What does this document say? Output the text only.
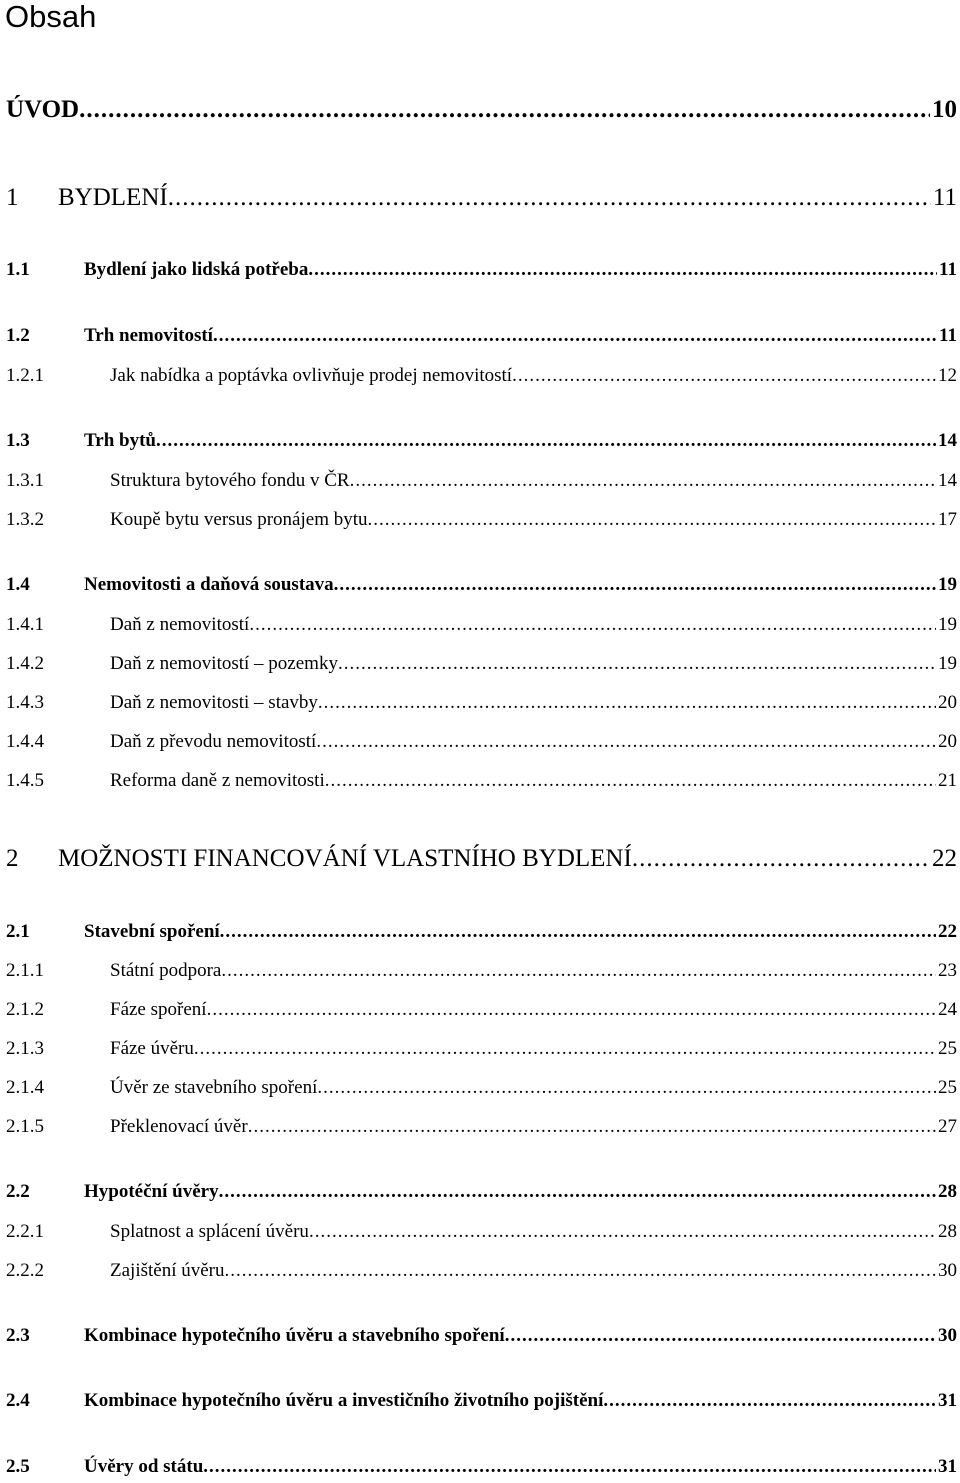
Obsah
ÚVOD .....	10
1	BYDLENÍ .....	11
1.1	Bydlení jako lidská potřeba .....	11
1.2	Trh nemovitostí .....	11
1.2.1	Jak nabídka a poptávka ovlivňuje prodej nemovitostí .....	12
1.3	Trh bytů .....	14
1.3.1	Struktura bytového fondu v ČR .....	14
1.3.2	Koupě bytu versus pronájem bytu .....	17
1.4	Nemovitosti a daňová soustava .....	19
1.4.1	Daň z nemovitostí .....	19
1.4.2	Daň z nemovitostí – pozemky .....	19
1.4.3	Daň z nemovitosti – stavby .....	20
1.4.4	Daň z převodu nemovitostí .....	20
1.4.5	Reforma daně z nemovitosti .....	21
2	MOŽNOSTI FINANCOVÁNÍ VLASTNÍHO BYDLENÍ .....	22
2.1	Stavební spoření .....	22
2.1.1	Státní podpora .....	23
2.1.2	Fáze spoření .....	24
2.1.3	Fáze úvěru .....	25
2.1.4	Úvěr ze stavebního spoření .....	25
2.1.5	Překlenovací úvěr .....	27
2.2	Hypotéční úvěry .....	28
2.2.1	Splatnost a splácení úvěru .....	28
2.2.2	Zajištění úvěru .....	30
2.3	Kombinace hypotečního úvěru a stavebního spoření .....	30
2.4	Kombinace hypotečního úvěru a investičního životního pojištění .....	31
2.5	Úvěry od státu .....	31
